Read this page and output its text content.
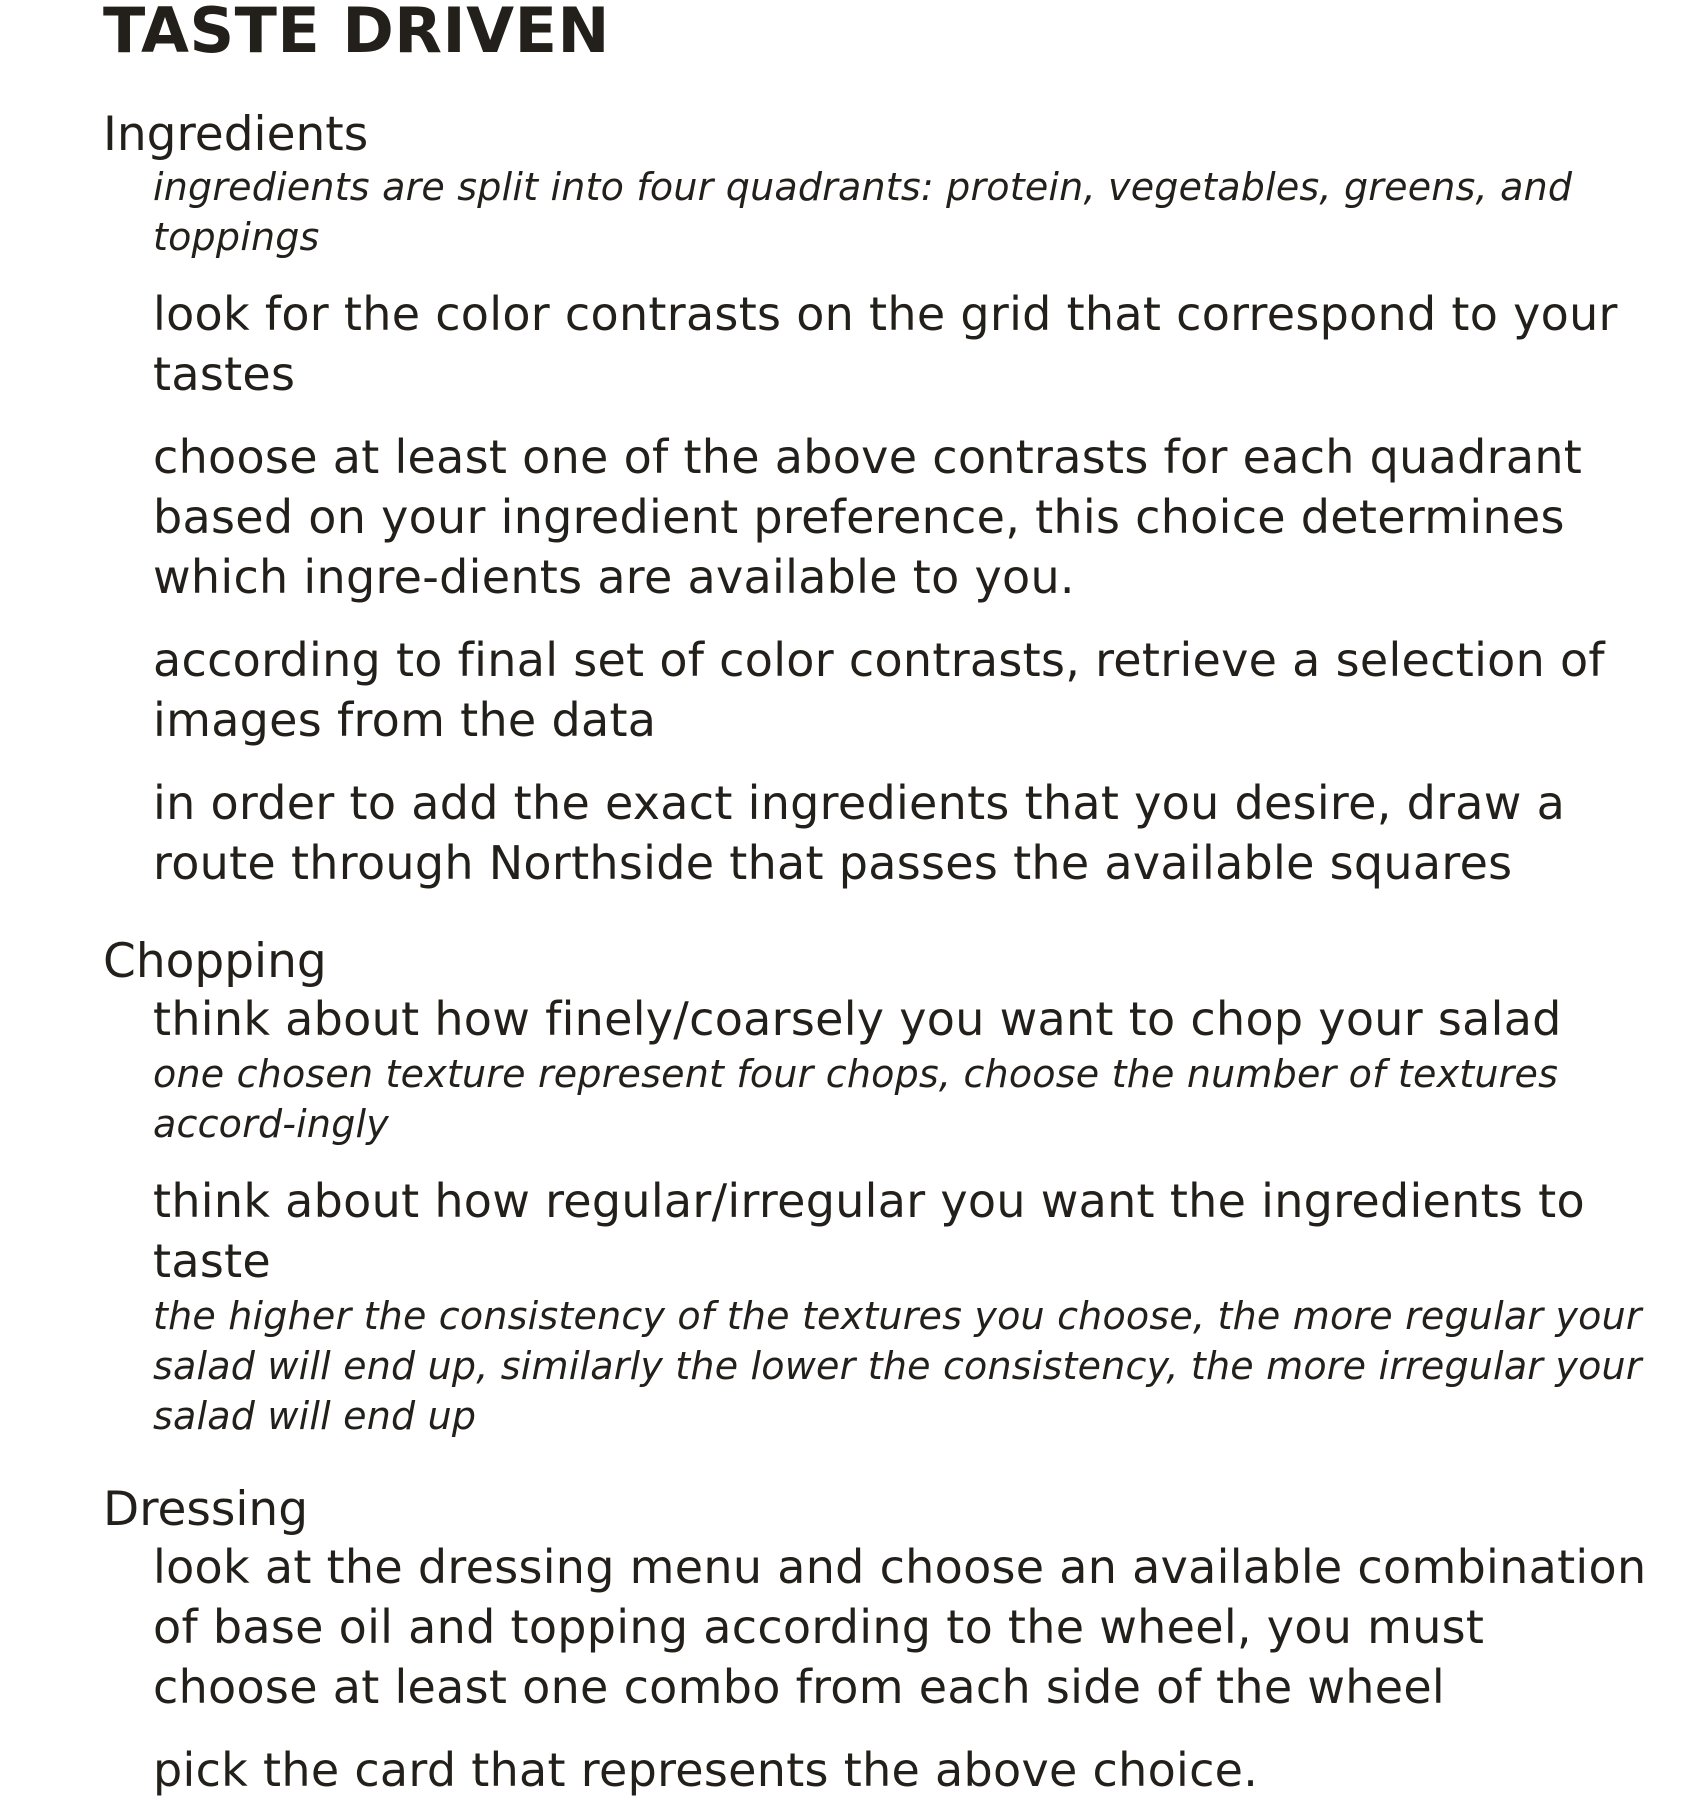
TASTE DRIVEN
Ingredients

ingredients are split into four quadrants: protein, vegetables, greens, and toppings

look for the color contrasts on the grid that correspond to your tastes

choose at least one of the above contrasts for each quadrant based on your ingredient preference, this choice determines which ingre-dients are available to you.

according to final set of color contrasts, retrieve a selection of images from the data

in order to add the exact ingredients that you desire, draw a route through Northside that passes the available squares

Chopping

think about how finely/coarsely you want to chop your salad

one chosen texture represent four chops, choose the number of textures accord-ingly

think about how regular/irregular you want the ingredients to taste

the higher the consistency of the textures you choose, the more regular your salad will end up, similarly the lower the consistency, the more irregular your salad will end up

Dressing

look at the dressing menu and choose an available combination of base oil and topping according to the wheel, you must choose at least one combo from each side of the wheel

pick the card that represents the above choice.
